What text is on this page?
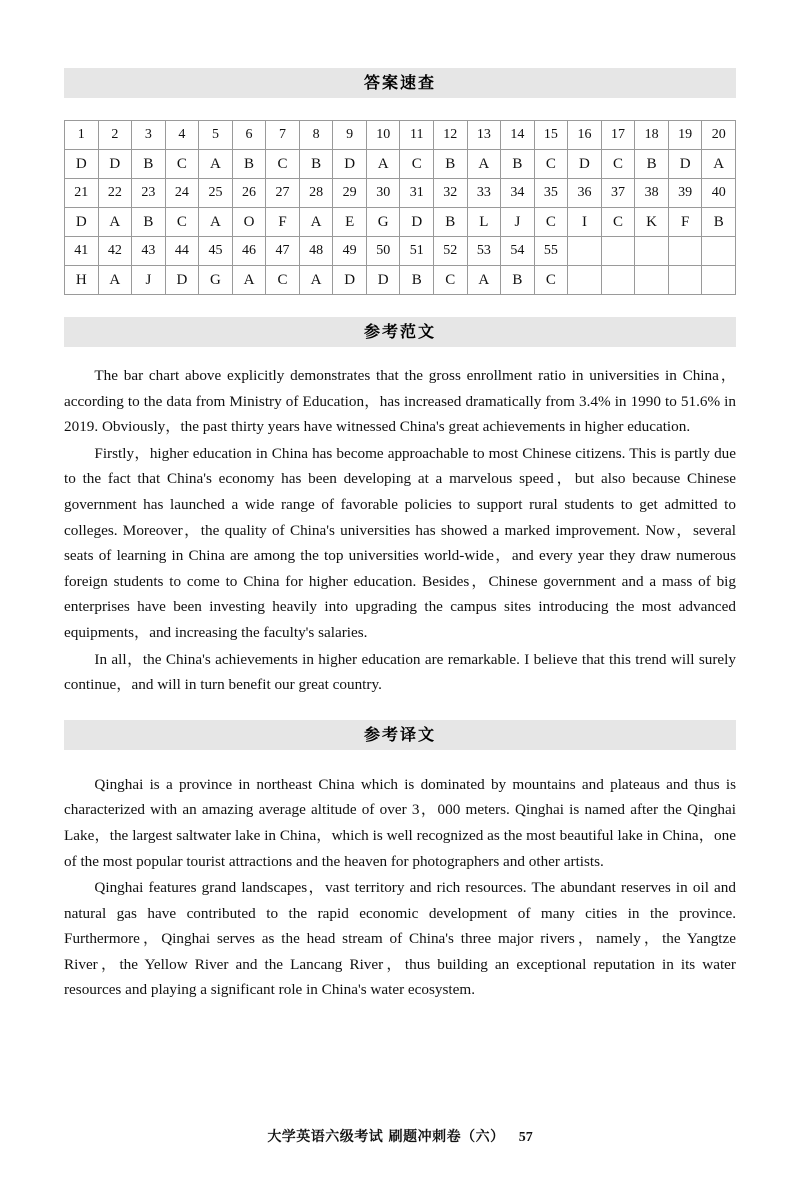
答案速查
1	2	3	4	5	6	7	8	9	10	11	12	13	14	15	16	17	18	19	20
D	D	B	C	A	B	C	B	D	A	C	B	A	B	C	D	C	B	D	A
21	22	23	24	25	26	27	28	29	30	31	32	33	34	35	36	37	38	39	40
D	A	B	C	A	O	F	A	E	G	D	B	L	J	C	I	C	K	F	B
41	42	43	44	45	46	47	48	49	50	51	52	53	54	55					
H	A	J	D	G	A	C	A	D	D	B	C	A	B	C					
参考范文

The bar chart above explicitly demonstrates that the gross enrollment ratio in universities in China，according to the data from Ministry of Education，has increased dramatically from 3.4% in 1990 to 51.6% in 2019. Obviously，the past thirty years have witnessed China's great achievements in higher education.

Firstly，higher education in China has become approachable to most Chinese citizens. This is partly due to the fact that China's economy has been developing at a marvelous speed，but also because Chinese government has launched a wide range of favorable policies to support rural students to get admitted to colleges. Moreover，the quality of China's universities has showed a marked improvement. Now，several seats of learning in China are among the top universities world-wide，and every year they draw numerous foreign students to come to China for higher education. Besides，Chinese government and a mass of big enterprises have been investing heavily into upgrading the campus sites introducing the most advanced equipments，and increasing the faculty's salaries.

In all，the China's achievements in higher education are remarkable. I believe that this trend will surely continue，and will in turn benefit our great country.

参考译文

Qinghai is a province in northeast China which is dominated by mountains and plateaus and thus is characterized with an amazing average altitude of over 3，000 meters. Qinghai is named after the Qinghai Lake，the largest saltwater lake in China，which is well recognized as the most beautiful lake in China，one of the most popular tourist attractions and the heaven for photographers and other artists.

Qinghai features grand landscapes，vast territory and rich resources. The abundant reserves in oil and natural gas have contributed to the rapid economic development of many cities in the province. Furthermore，Qinghai serves as the head stream of China's three major rivers，namely，the Yangtze River，the Yellow River and the Lancang River，thus building an exceptional reputation in its water resources and playing a significant role in China's water ecosystem.

大学英语六级考试 刷题冲刺卷（六） 57
